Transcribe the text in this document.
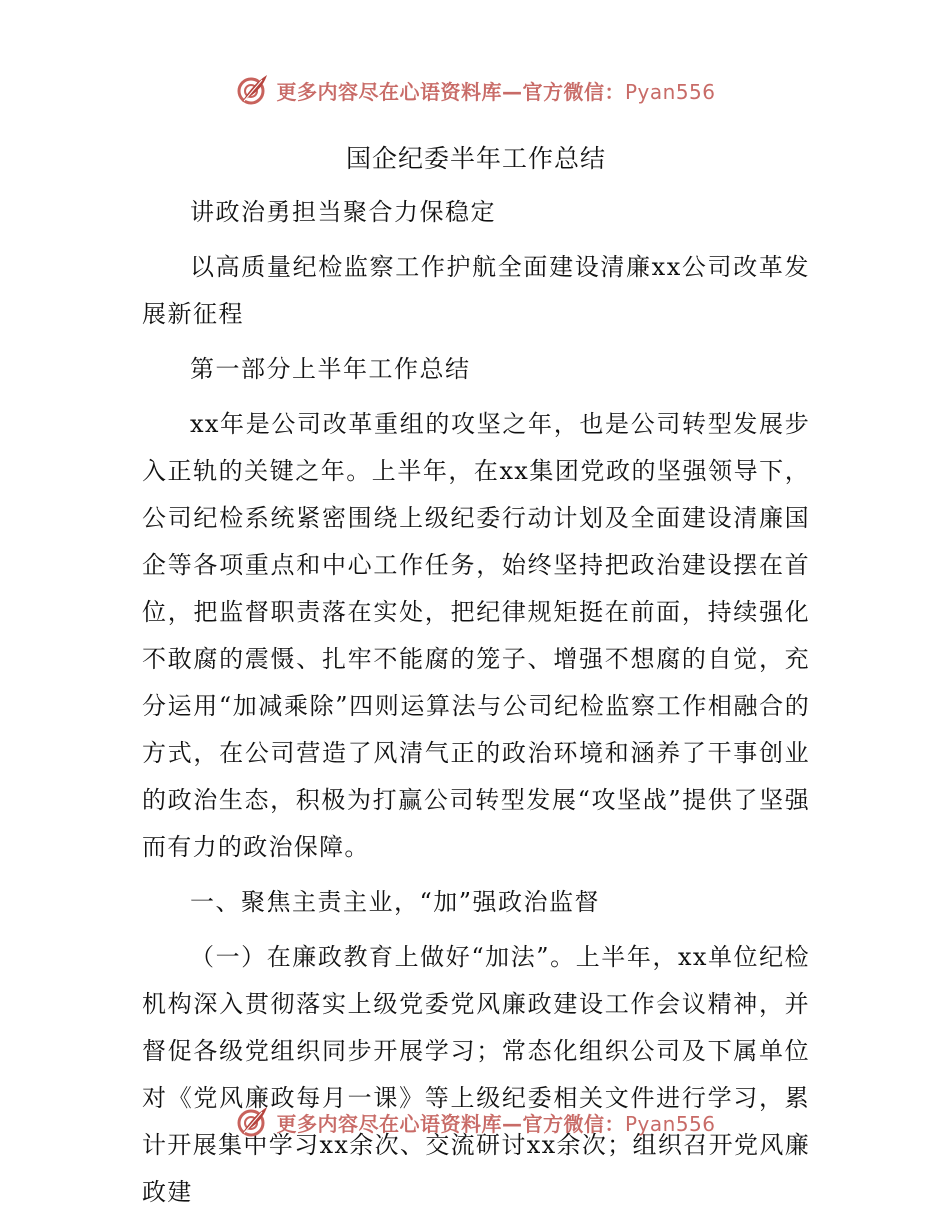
更多内容尽在心语资料库—官方微信：Pyan556
国企纪委半年工作总结

讲政治勇担当聚合力保稳定

以高质量纪检监察工作护航全面建设清廉xx公司改革发展新征程

第一部分上半年工作总结

xx年是公司改革重组的攻坚之年，也是公司转型发展步入正轨的关键之年。上半年，在xx集团党政的坚强领导下，公司纪检系统紧密围绕上级纪委行动计划及全面建设清廉国企等各项重点和中心工作任务，始终坚持把政治建设摆在首位，把监督职责落在实处，把纪律规矩挺在前面，持续强化不敢腐的震慑、扎牢不能腐的笼子、增强不想腐的自觉，充分运用“加减乘除”四则运算法与公司纪检监察工作相融合的方式，在公司营造了风清气正的政治环境和涵养了干事创业的政治生态，积极为打赢公司转型发展“攻坚战”提供了坚强而有力的政治保障。

一、聚焦主责主业，“加”强政治监督

（一）在廉政教育上做好“加法”。上半年，xx单位纪检机构深入贯彻落实上级党委党风廉政建设工作会议精神，并督促各级党组织同步开展学习；常态化组织公司及下属单位对《党风廉政每月一课》等上级纪委相关文件进行学习，累计开展集中学习xx余次、交流研讨xx余次；组织召开党风廉政建

更多内容尽在心语资料库—官方微信：Pyan556
